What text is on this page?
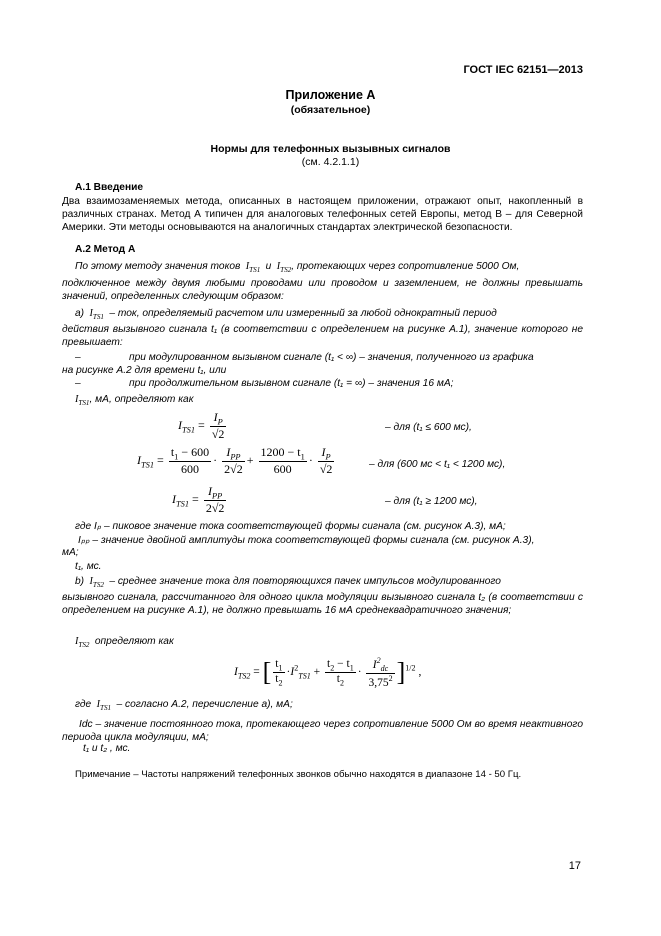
ГОСТ IEC 62151—2013
Приложение А
(обязательное)
Нормы для телефонных вызывных сигналов
(см. 4.2.1.1)
А.1 Введение
Два взаимозаменяемых метода, описанных в настоящем приложении, отражают опыт, накопленный в различных странах. Метод А типичен для аналоговых телефонных сетей Европы, метод В – для Северной Америки. Эти методы основываются на аналогичных стандартах электрической безопасности.
А.2 Метод А
По этому методу значения токов  $I_{TS1}$ и  $I_{TS2}$, протекающих через сопротивление 5000 Ом,
подключенное между двумя любыми проводами или проводом и заземлением, не должны превышать значений, определенных следующим образом:
а)  $I_{TS1}$ – ток, определяемый расчетом или измеренный за любой однократный период
действия вызывного сигнала t₁ (в соответствии с определением на рисунке А.1), значение которого не превышает:
–	при модулированном вызывном сигнале (t₁ < ∞) – значения, полученного из графика
на рисунке А.2 для времени t₁, или
–	при продолжительном вызывном сигнале (t₁ = ∞) – значения 16 мА;
$I_{TS1}$, мА, определяют как
$I_{TS1} = \frac{I_P}{√2}$	– для (t₁ ≤ 600 мс),
$I_{TS1} = \frac{t_1 - 600}{600} \cdot \frac{I_{PP}}{2√2} + \frac{1200 - t_1}{600} \cdot \frac{I_P}{√2}$	– для (600 мс < t₁ < 1200 мс),
$I_{TS1} = \frac{I_{PP}}{2√2}$	– для (t₁ ≥ 1200 мс),
где Iₚ – пиковое значение тока соответствующей формы сигнала (см. рисунок А.3), мА;
Iₚₚ – значение двойной амплитуды тока соответствующей формы сигнала (см. рисунок А.3),
мА;
t₁, мс.
b)  $I_{TS2}$ – среднее значение тока для повторяющихся пачек импульсов модулированного
вызывного сигнала, рассчитанного для одного цикла модуляции вызывного сигнала t₂ (в соответствии с определением на рисунке А.1), не должно превышать 16 мА среднеквадратичного значения;
$I_{TS2}$ определяют как
$I_{TS2}$ = [ $\frac{t_1}{t_2} \cdot I^2_{TS1} + \frac{t_2 - t_1}{t_2} \cdot \frac{I^2_{dc}}{3,75^2} ]^{1/2}$ ,
где  $I_{TS1}$ – согласно А.2, перечисление а), мА;
Idc – значение постоянного тока, протекающего через сопротивление 5000 Ом во время неактивного периода цикла модуляции, мА;
t₁ и t₂ , мс.
Примечание – Частоты напряжений телефонных звонков обычно находятся в диапазоне 14 - 50 Гц.
17
